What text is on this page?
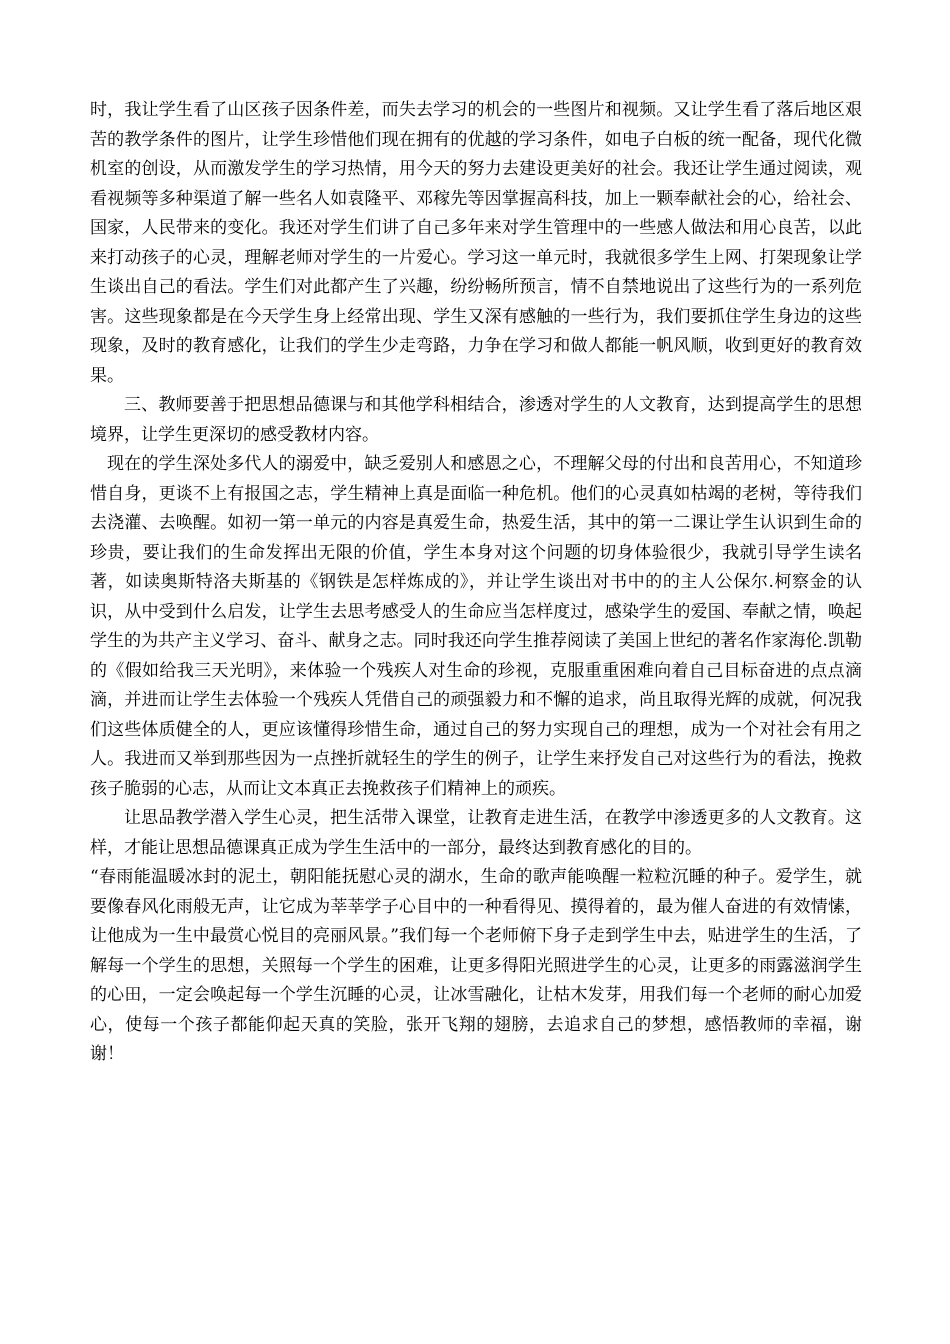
时，我让学生看了山区孩子因条件差，而失去学习的机会的一些图片和视频。又让学生看了落后地区艰苦的教学条件的图片，让学生珍惜他们现在拥有的优越的学习条件，如电子白板的统一配备，现代化微机室的创设，从而激发学生的学习热情，用今天的努力去建设更美好的社会。我还让学生通过阅读，观看视频等多种渠道了解一些名人如袁隆平、邓稼先等因掌握高科技，加上一颗奉献社会的心，给社会、国家，人民带来的变化。我还对学生们讲了自己多年来对学生管理中的一些感人做法和用心良苦，以此来打动孩子的心灵，理解老师对学生的一片爱心。学习这一单元时，我就很多学生上网、打架现象让学生谈出自己的看法。学生们对此都产生了兴趣，纷纷畅所预言，情不自禁地说出了这些行为的一系列危害。这些现象都是在今天学生身上经常出现、学生又深有感触的一些行为，我们要抓住学生身边的这些现象，及时的教育感化，让我们的学生少走弯路，力争在学习和做人都能一帆风顺，收到更好的教育效果。

三、教师要善于把思想品德课与和其他学科相结合，渗透对学生的人文教育，达到提高学生的思想境界，让学生更深切的感受教材内容。

现在的学生深处多代人的溺爱中，缺乏爱别人和感恩之心，不理解父母的付出和良苦用心，不知道珍惜自身，更谈不上有报国之志，学生精神上真是面临一种危机。他们的心灵真如枯竭的老树，等待我们去浇灌、去唤醒。如初一第一单元的内容是真爱生命，热爱生活，其中的第一二课让学生认识到生命的珍贵，要让我们的生命发挥出无限的价值，学生本身对这个问题的切身体验很少，我就引导学生读名著，如读奥斯特洛夫斯基的《钢铁是怎样炼成的》，并让学生谈出对书中的的主人公保尔.柯察金的认识，从中受到什么启发，让学生去思考感受人的生命应当怎样度过，感染学生的爱国、奉献之情，唤起学生的为共产主义学习、奋斗、献身之志。同时我还向学生推荐阅读了美国上世纪的著名作家海伦.凯勒的《假如给我三天光明》，来体验一个残疾人对生命的珍视，克服重重困难向着自己目标奋进的点点滴滴，并进而让学生去体验一个残疾人凭借自己的顽强毅力和不懈的追求，尚且取得光辉的成就，何况我们这些体质健全的人，更应该懂得珍惜生命，通过自己的努力实现自己的理想，成为一个对社会有用之人。我进而又举到那些因为一点挫折就轻生的学生的例子，让学生来抒发自己对这些行为的看法，挽救孩子脆弱的心志，从而让文本真正去挽救孩子们精神上的顽疾。

让思品教学潜入学生心灵，把生活带入课堂，让教育走进生活，在教学中渗透更多的人文教育。这样，才能让思想品德课真正成为学生生活中的一部分，最终达到教育感化的目的。

“春雨能温暖冰封的泥土，朝阳能抚慰心灵的湖水，生命的歌声能唤醒一粒粒沉睡的种子。爱学生，就要像春风化雨般无声，让它成为莘莘学子心目中的一种看得见、摸得着的，最为催人奋进的有效情愫，让他成为一生中最赏心悦目的亮丽风景。”我们每一个老师俯下身子走到学生中去，贴进学生的生活，了解每一个学生的思想，关照每一个学生的困难，让更多得阳光照进学生的心灵，让更多的雨露滋润学生的心田，一定会唤起每一个学生沉睡的心灵，让冰雪融化，让枯木发芽，用我们每一个老师的耐心加爱心，使每一个孩子都能仰起天真的笑脸，张开飞翔的翅膀，去追求自己的梦想，感悟教师的幸福，谢谢！
